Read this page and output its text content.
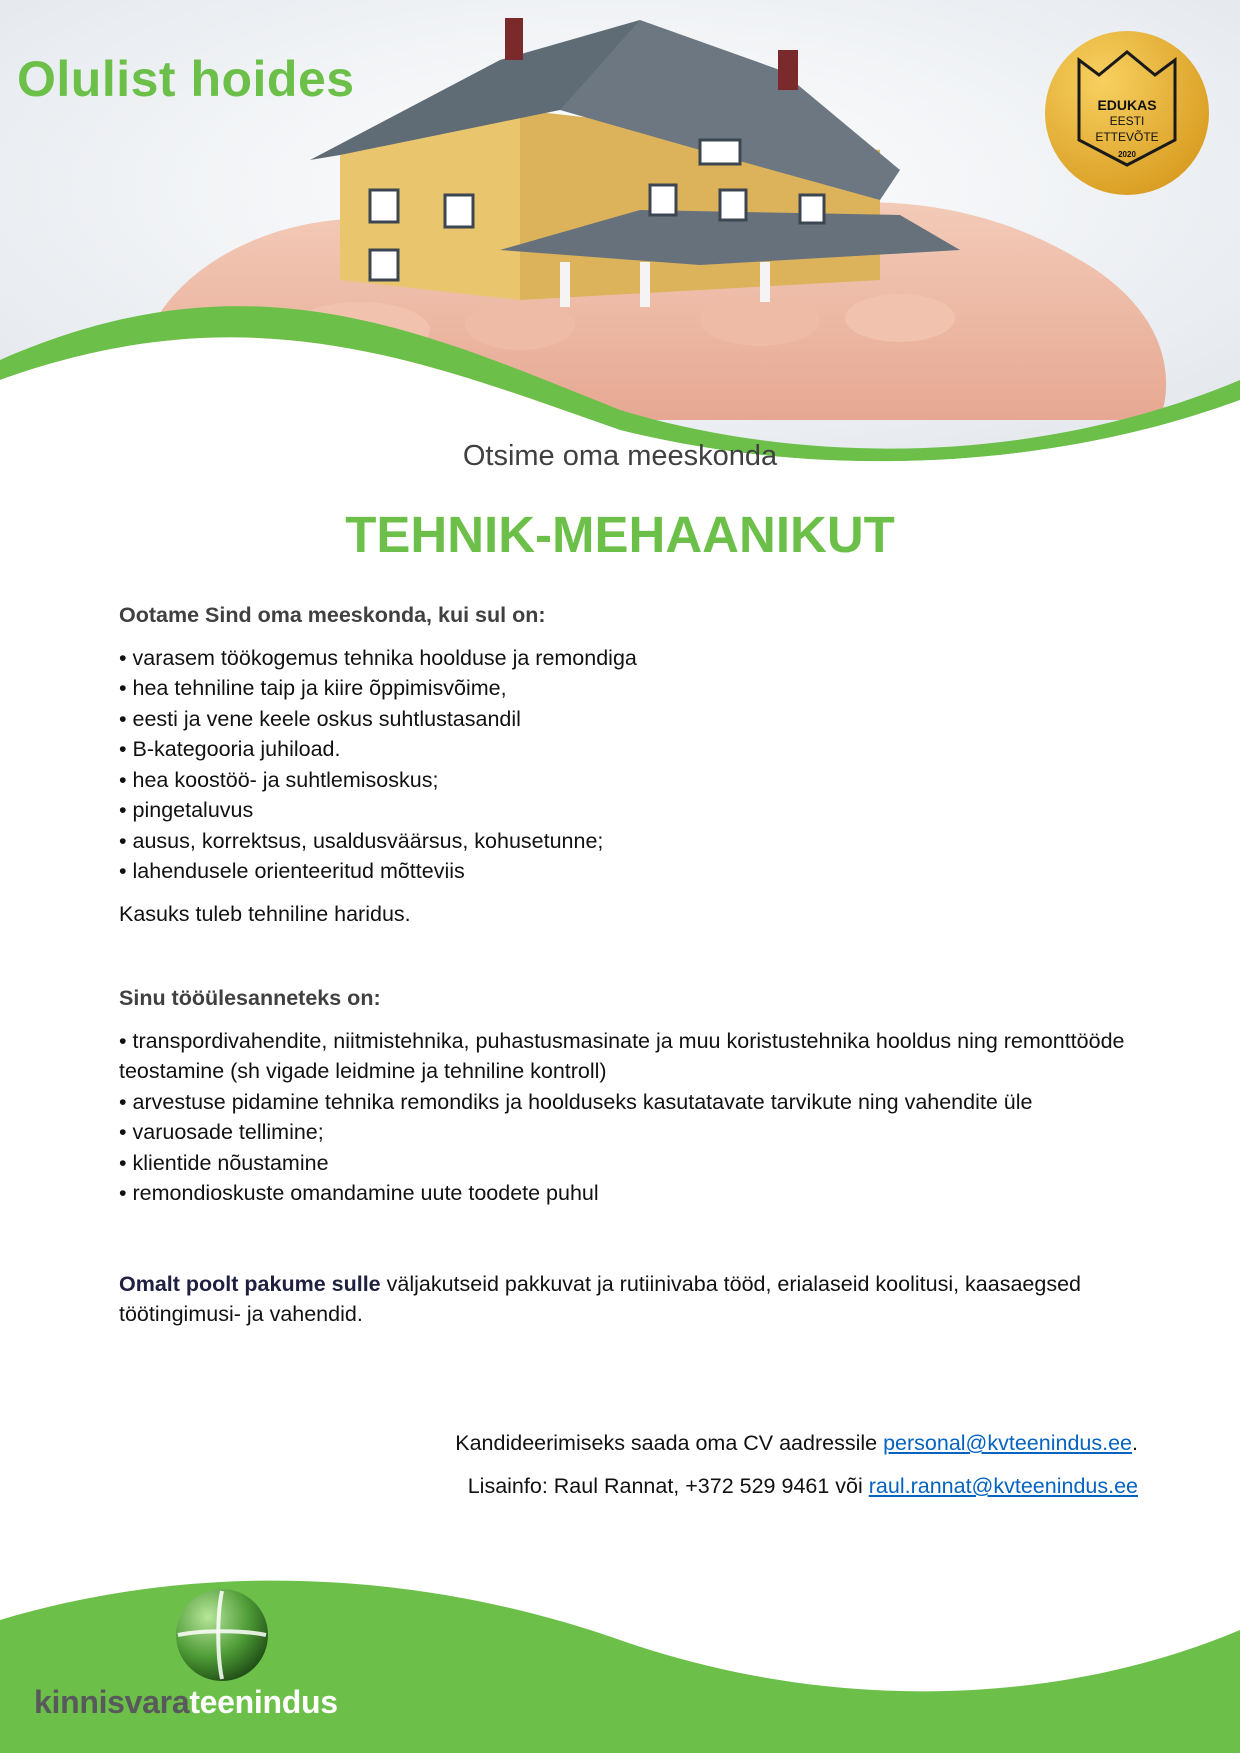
Olulist hoides	EDUKAS
EESTI
ETTEVÕTE
2020
Otsime oma meeskonda
TEHNIK-MEHAANIKUT

Ootame Sind oma meeskonda, kui sul on:

• varasem töökogemus tehnika hoolduse ja remondiga
• hea tehniline taip ja kiire õppimisvõime,
• eesti ja vene keele oskus suhtlustasandil
• B-kategooria juhiload.
• hea koostöö- ja suhtlemisoskus;
• pingetaluvus
• ausus, korrektsus, usaldusväärsus, kohusetunne;
• lahendusele orienteeritud mõtteviis

Kasuks tuleb tehniline haridus.

Sinu tööülesanneteks on:

• transpordivahendite, niitmistehnika, puhastusmasinate ja muu koristustehnika hooldus ning remonttööde teostamine (sh vigade leidmine ja tehniline kontroll)
• arvestuse pidamine tehnika remondiks ja hoolduseks kasutatavate tarvikute ning vahendite üle
• varuosade tellimine;
• klientide nõustamine
• remondioskuste omandamine uute toodete puhul

Omalt poolt pakume sulle väljakutseid pakkuvat ja rutiinivaba tööd, erialaseid koolitusi, kaasaegsed töötingimusi- ja vahendid.

Kandideerimiseks saada oma CV aadressile personal@kvteenindus.ee.
Lisainfo: Raul Rannat, +372 529 9461 või raul.rannat@kvteenindus.ee
kinnisvarateenindus
